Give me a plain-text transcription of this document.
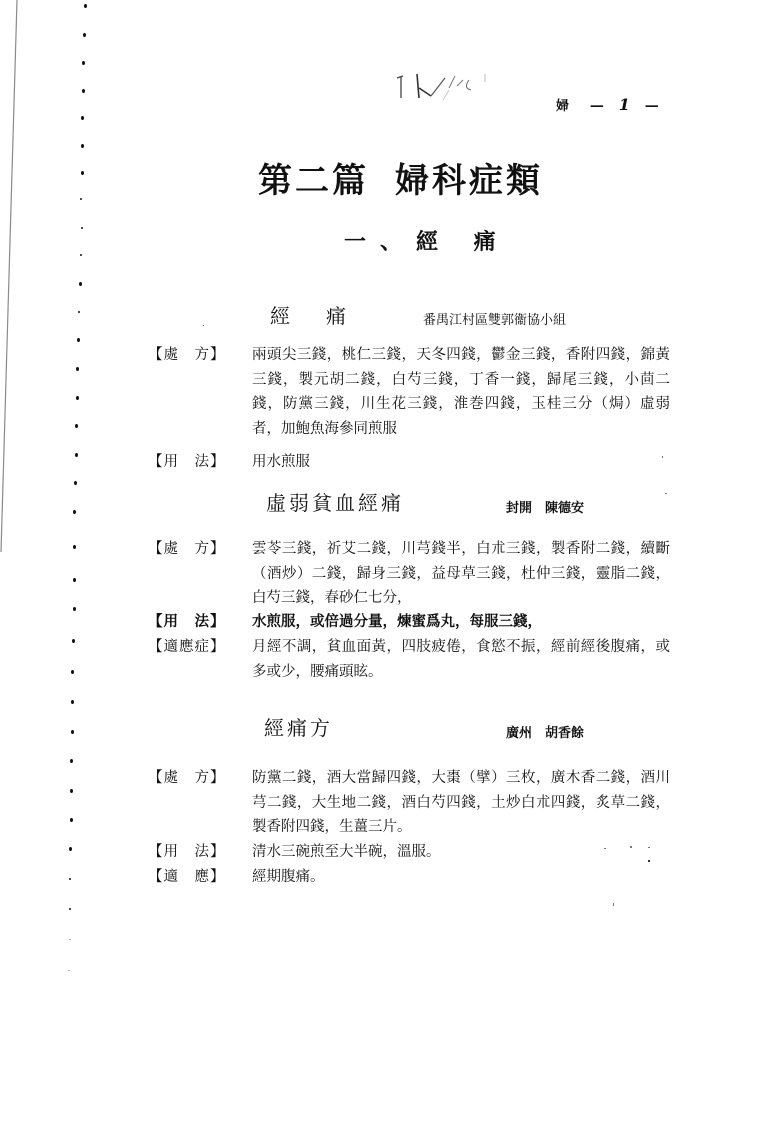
婦 — 1 —
第二篇 婦科症類
一、經 痛
經　痛	番禺江村區雙郭衞協小組
【處　方】	兩頭尖三錢，桃仁三錢，天冬四錢，鬱金三錢，香附四錢，錦黃三錢，製元胡二錢，白芍三錢，丁香一錢，歸尾三錢，小茴二錢，防黨三錢，川生花三錢，淮巻四錢，玉桂三分（焗）虛弱者，加鮑魚海參同煎服
【用　法】	用水煎服
虛弱貧血經痛	封開　陳德安
【處　方】	雲苓三錢，祈艾二錢，川芎錢半，白朮三錢，製香附二錢，續斷（酒炒）二錢，歸身三錢，益母草三錢，杜仲三錢，靈脂二錢，白芍三錢，春砂仁七分，
【用　法】	水煎服，或倍過分量，煉蜜爲丸，每服三錢，
【適應症】	月經不調，貧血面黃，四肢疲倦，食慾不振，經前經後腹痛，或多或少，腰痛頭眩。
經痛方	廣州　胡香餘
【處　方】	防黨二錢，酒大當歸四錢，大棗（擘）三枚，廣木香二錢，酒川芎二錢，大生地二錢，酒白芍四錢，土炒白朮四錢，炙草二錢，製香附四錢，生薑三片。
【用　法】	清水三碗煎至大半碗，溫服。
【適　應】	經期腹痛。
